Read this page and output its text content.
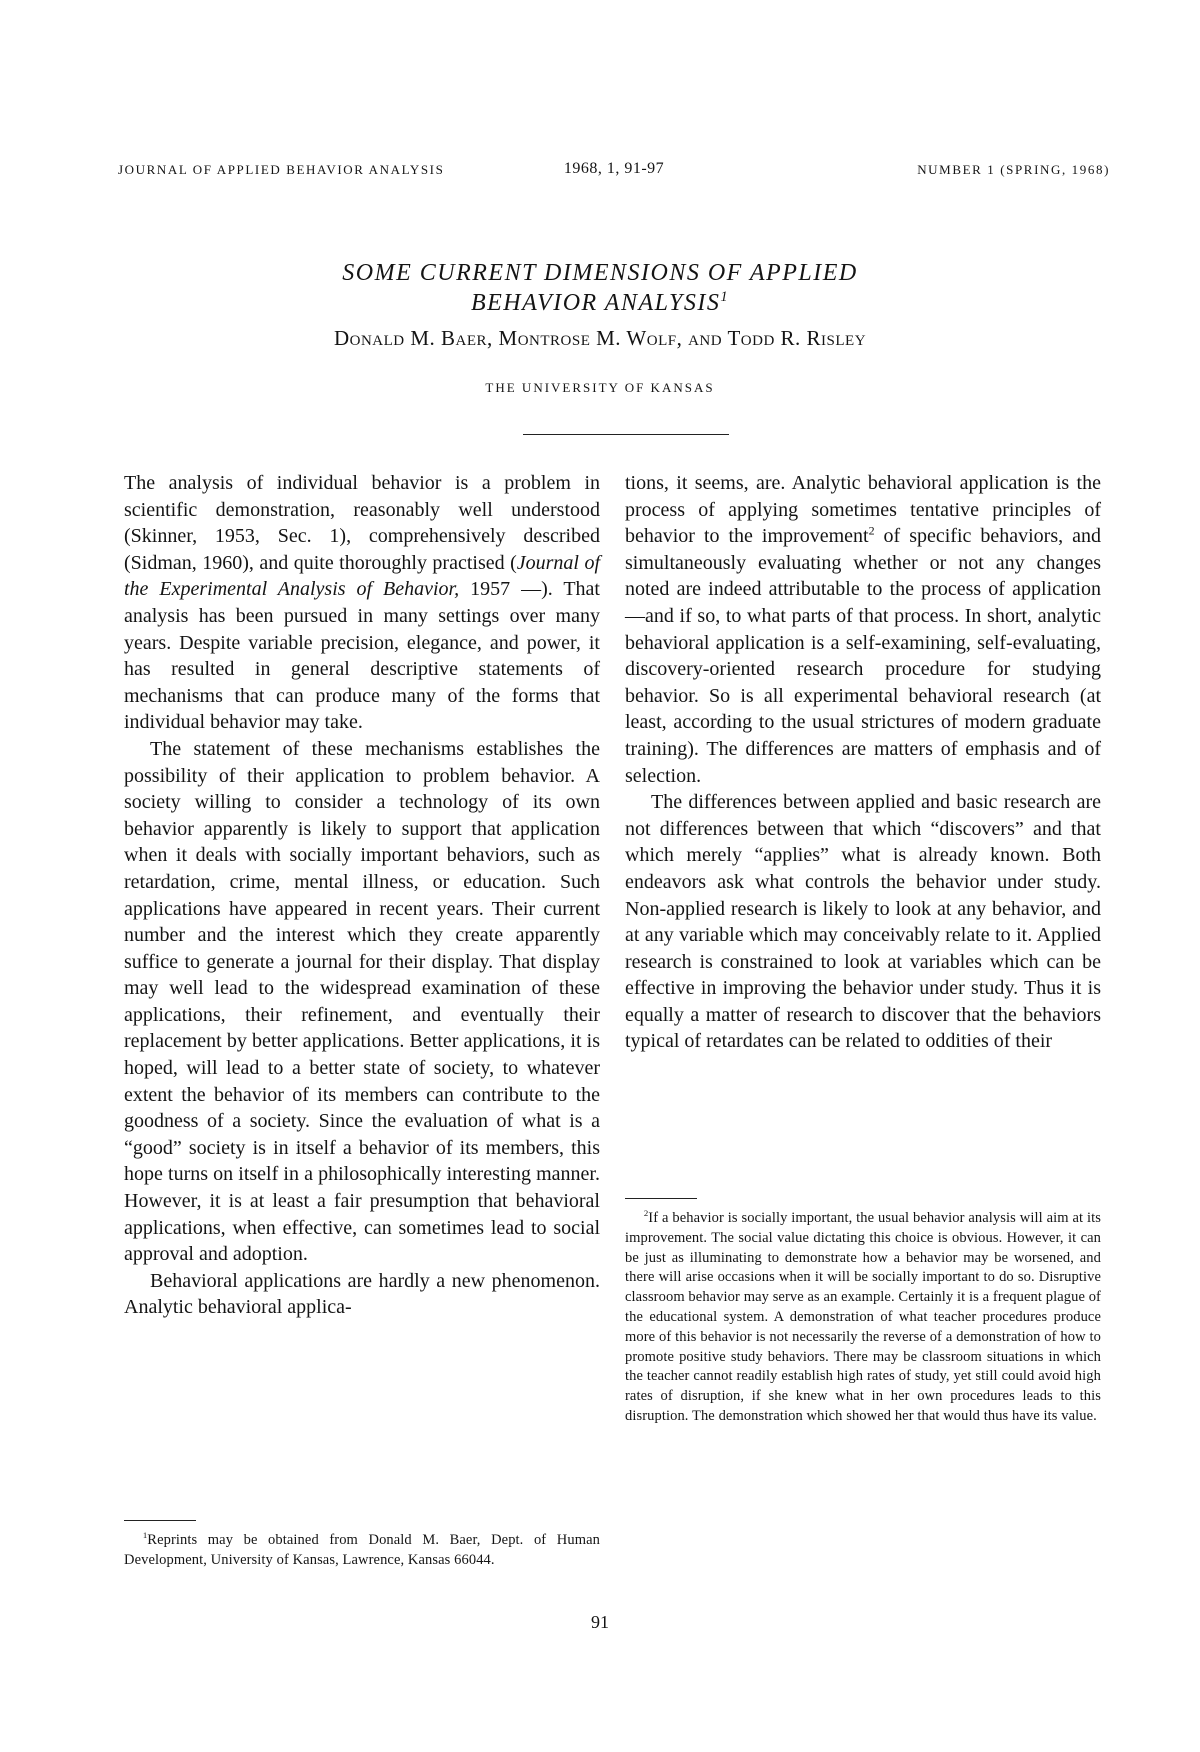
JOURNAL OF APPLIED BEHAVIOR ANALYSIS	1968, 1, 91-97	NUMBER 1 (SPRING, 1968)
SOME CURRENT DIMENSIONS OF APPLIED
BEHAVIOR ANALYSIS$^1$
Donald M. Baer, Montrose M. Wolf, and Todd R. Risley
THE UNIVERSITY OF KANSAS

The analysis of individual behavior is a problem in scientific demonstration, reasonably well understood (Skinner, 1953, Sec. 1), comprehensively described (Sidman, 1960), and quite thoroughly practised (Journal of the Experimental Analysis of Behavior, 1957 —). That analysis has been pursued in many settings over many years. Despite variable precision, elegance, and power, it has resulted in general descriptive statements of mechanisms that can produce many of the forms that individual behavior may take.

The statement of these mechanisms establishes the possibility of their application to problem behavior. A society willing to consider a technology of its own behavior apparently is likely to support that application when it deals with socially important behaviors, such as retardation, crime, mental illness, or education. Such applications have appeared in recent years. Their current number and the interest which they create apparently suffice to generate a journal for their display. That display may well lead to the widespread examination of these applications, their refinement, and eventually their replacement by better applications. Better applications, it is hoped, will lead to a better state of society, to whatever extent the behavior of its members can contribute to the goodness of a society. Since the evaluation of what is a “good” society is in itself a behavior of its members, this hope turns on itself in a philosophically interesting manner. However, it is at least a fair presumption that behavioral applications, when effective, can sometimes lead to social approval and adoption.

Behavioral applications are hardly a new phenomenon. Analytic behavioral applica-

$^1$Reprints may be obtained from Donald M. Baer, Dept. of Human Development, University of Kansas, Lawrence, Kansas 66044.

tions, it seems, are. Analytic behavioral application is the process of applying sometimes tentative principles of behavior to the improvement$^2$ of specific behaviors, and simultaneously evaluating whether or not any changes noted are indeed attributable to the process of application—and if so, to what parts of that process. In short, analytic behavioral application is a self-examining, self-evaluating, discovery-oriented research procedure for studying behavior. So is all experimental behavioral research (at least, according to the usual strictures of modern graduate training). The differences are matters of emphasis and of selection.

The differences between applied and basic research are not differences between that which “discovers” and that which merely “applies” what is already known. Both endeavors ask what controls the behavior under study. Non-applied research is likely to look at any behavior, and at any variable which may conceivably relate to it. Applied research is constrained to look at variables which can be effective in improving the behavior under study. Thus it is equally a matter of research to discover that the behaviors typical of retardates can be related to oddities of their

$^2$If a behavior is socially important, the usual behavior analysis will aim at its improvement. The social value dictating this choice is obvious. However, it can be just as illuminating to demonstrate how a behavior may be worsened, and there will arise occasions when it will be socially important to do so. Disruptive classroom behavior may serve as an example. Certainly it is a frequent plague of the educational system. A demonstration of what teacher procedures produce more of this behavior is not necessarily the reverse of a demonstration of how to promote positive study behaviors. There may be classroom situations in which the teacher cannot readily establish high rates of study, yet still could avoid high rates of disruption, if she knew what in her own procedures leads to this disruption. The demonstration which showed her that would thus have its value.

91
